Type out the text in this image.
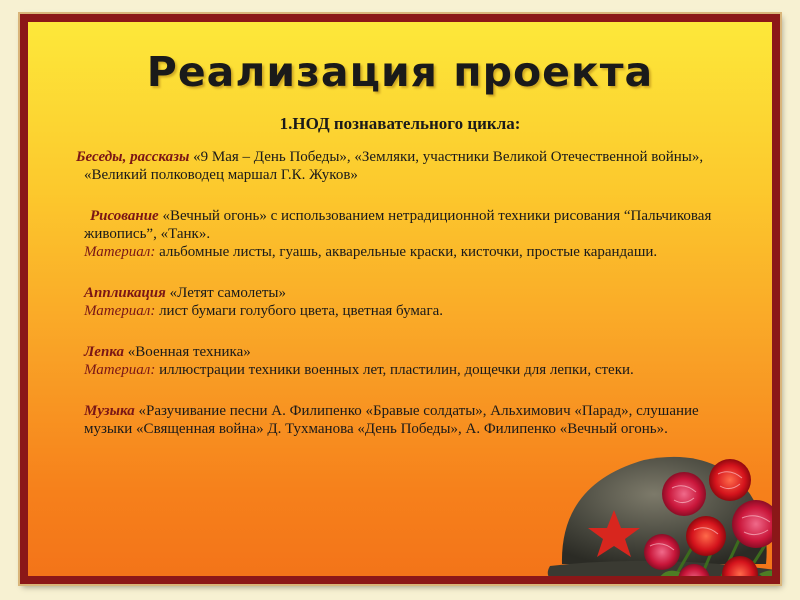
Реализация проекта
1.НОД познавательного цикла:

Беседы, рассказы «9 Мая – День Победы», «Земляки, участники Великой Отечественной войны», «Великий полководец маршал Г.К. Жуков»

Рисование «Вечный огонь» с использованием нетрадиционной техники рисования “Пальчиковая живопись”, «Танк».
Материал: альбомные листы, гуашь, акварельные краски, кисточки, простые карандаши.

Аппликация «Летят самолеты»
Материал: лист бумаги голубого цвета, цветная бумага.

Лепка «Военная техника»
Материал: иллюстрации техники военных лет, пластилин, дощечки для лепки, стеки.

Музыка «Разучивание песни А. Филипенко «Бравые солдаты», Альхимович «Парад», слушание музыки «Священная война» Д. Тухманова «День Победы», А. Филипенко «Вечный огонь».
